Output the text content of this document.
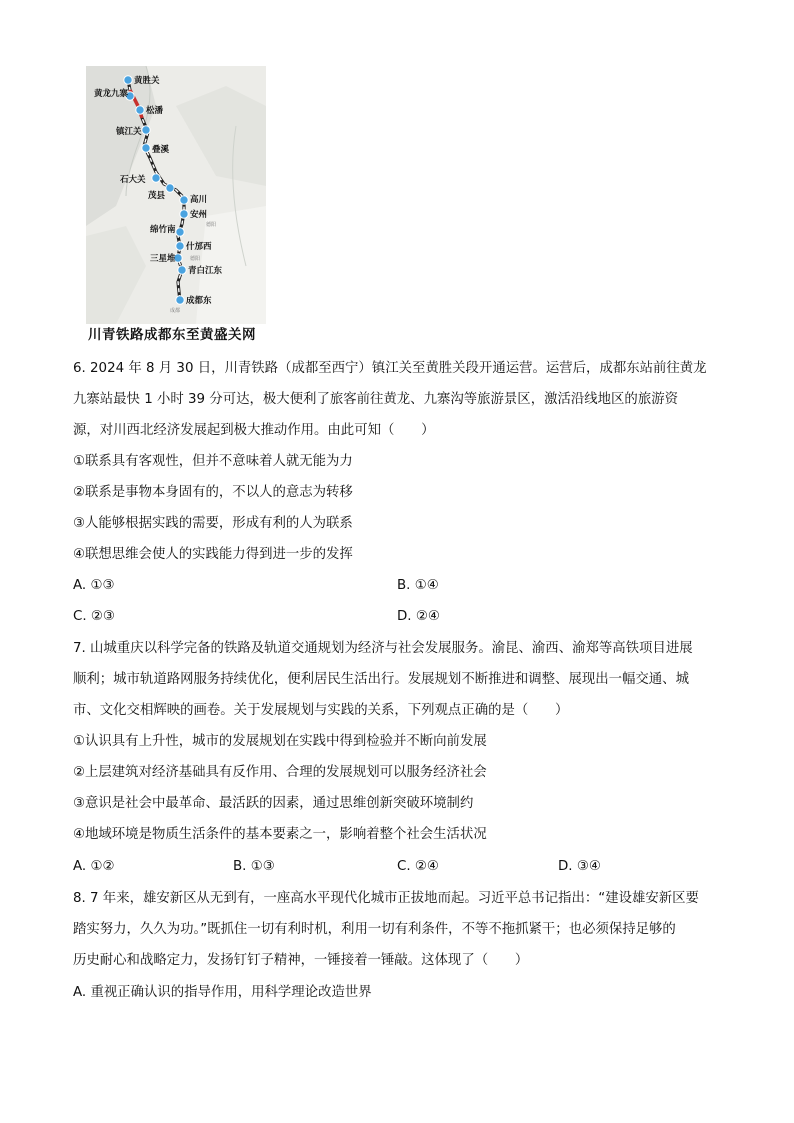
黄胜关
黄龙九寨
松潘
镇江关
叠溪
石大关
茂县	高川
安州
绵竹南
什邡西
三星堆
青白江东
成都东
德阳
德阳
成都
川青铁路成都东至黄盛关网
6. 2024 年 8 月 30 日，川青铁路（成都至西宁）镇江关至黄胜关段开通运营。运营后，成都东站前往黄龙
九寨站最快 1 小时 39 分可达，极大便利了旅客前往黄龙、九寨沟等旅游景区，激活沿线地区的旅游资
源，对川西北经济发展起到极大推动作用。由此可知（　　）
①联系具有客观性，但并不意味着人就无能为力
②联系是事物本身固有的，不以人的意志为转移
③人能够根据实践的需要，形成有利的人为联系
④联想思维会使人的实践能力得到进一步的发挥
A. ①③	B. ①④
C. ②③	D. ②④
7. 山城重庆以科学完备的铁路及轨道交通规划为经济与社会发展服务。渝昆、渝西、渝郑等高铁项目进展
顺利；城市轨道路网服务持续优化，便利居民生活出行。发展规划不断推进和调整、展现出一幅交通、城
市、文化交相辉映的画卷。关于发展规划与实践的关系，下列观点正确的是（　　）
①认识具有上升性，城市的发展规划在实践中得到检验并不断向前发展
②上层建筑对经济基础具有反作用、合理的发展规划可以服务经济社会
③意识是社会中最革命、最活跃的因素，通过思维创新突破环境制约
④地域环境是物质生活条件的基本要素之一，影响着整个社会生活状况
A. ①②	B. ①③	C. ②④	D. ③④
8. 7 年来，雄安新区从无到有，一座高水平现代化城市正拔地而起。习近平总书记指出：“建设雄安新区要
踏实努力，久久为功。”既抓住一切有利时机，利用一切有利条件，不等不拖抓紧干；也必须保持足够的
历史耐心和战略定力，发扬钉钉子精神，一锤接着一锤敲。这体现了（　　）
A. 重视正确认识的指导作用，用科学理论改造世界
